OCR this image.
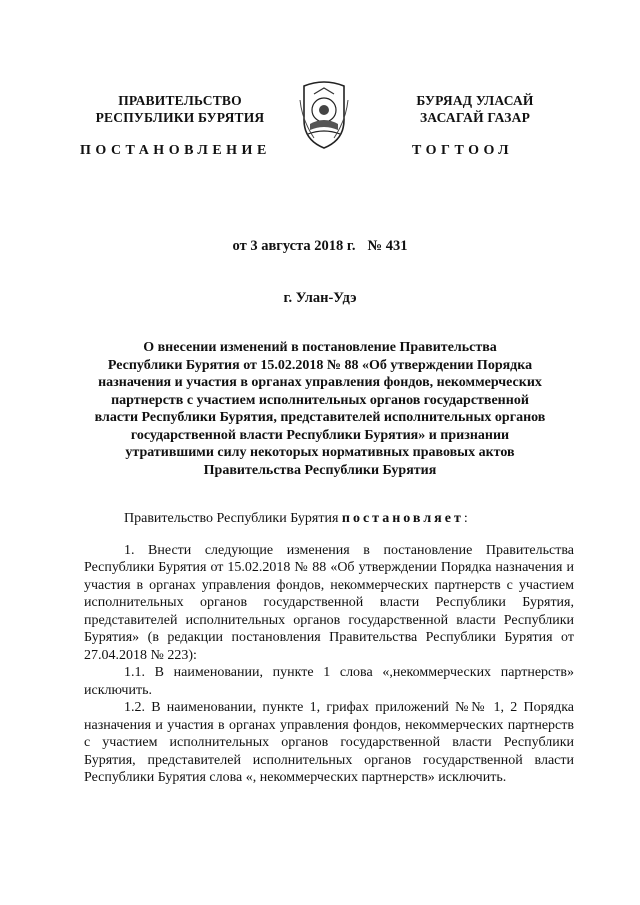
ПРАВИТЕЛЬСТВО
РЕСПУБЛИКИ БУРЯТИЯ
БУРЯАД УЛАСАЙ
ЗАСАГАЙ ГАЗАР
ПОСТАНОВЛЕНИЕ	ТОГТООЛ
от 3 августа 2018 г. № 431
г. Улан-Удэ
О внесении изменений в постановление Правительства
Республики Бурятия от 15.02.2018 № 88 «Об утверждении Порядка
назначения и участия в органах управления фондов, некоммерческих
партнерств с участием исполнительных органов государственной
власти Республики Бурятия, представителей исполнительных органов
государственной власти Республики Бурятия» и признании
утратившими силу некоторых нормативных правовых актов
Правительства Республики Бурятия

Правительство Республики Бурятия постановляет:

1. Внести следующие изменения в постановление Правительства Республики Бурятия от 15.02.2018 № 88 «Об утверждении Порядка назначения и участия в органах управления фондов, некоммерческих партнерств с участием исполнительных органов государственной власти Республики Бурятия, представителей исполнительных органов государственной власти Республики Бурятия» (в редакции постановления Правительства Республики Бурятия от 27.04.2018 № 223):

1.1. В наименовании, пункте 1 слова «,некоммерческих партнерств» исключить.

1.2. В наименовании, пункте 1, грифах приложений №№ 1, 2 Порядка назначения и участия в органах управления фондов, некоммерческих партнерств с участием исполнительных органов государственной власти Республики Бурятия, представителей исполнительных органов государственной власти Республики Бурятия слова «, некоммерческих партнерств» исключить.
